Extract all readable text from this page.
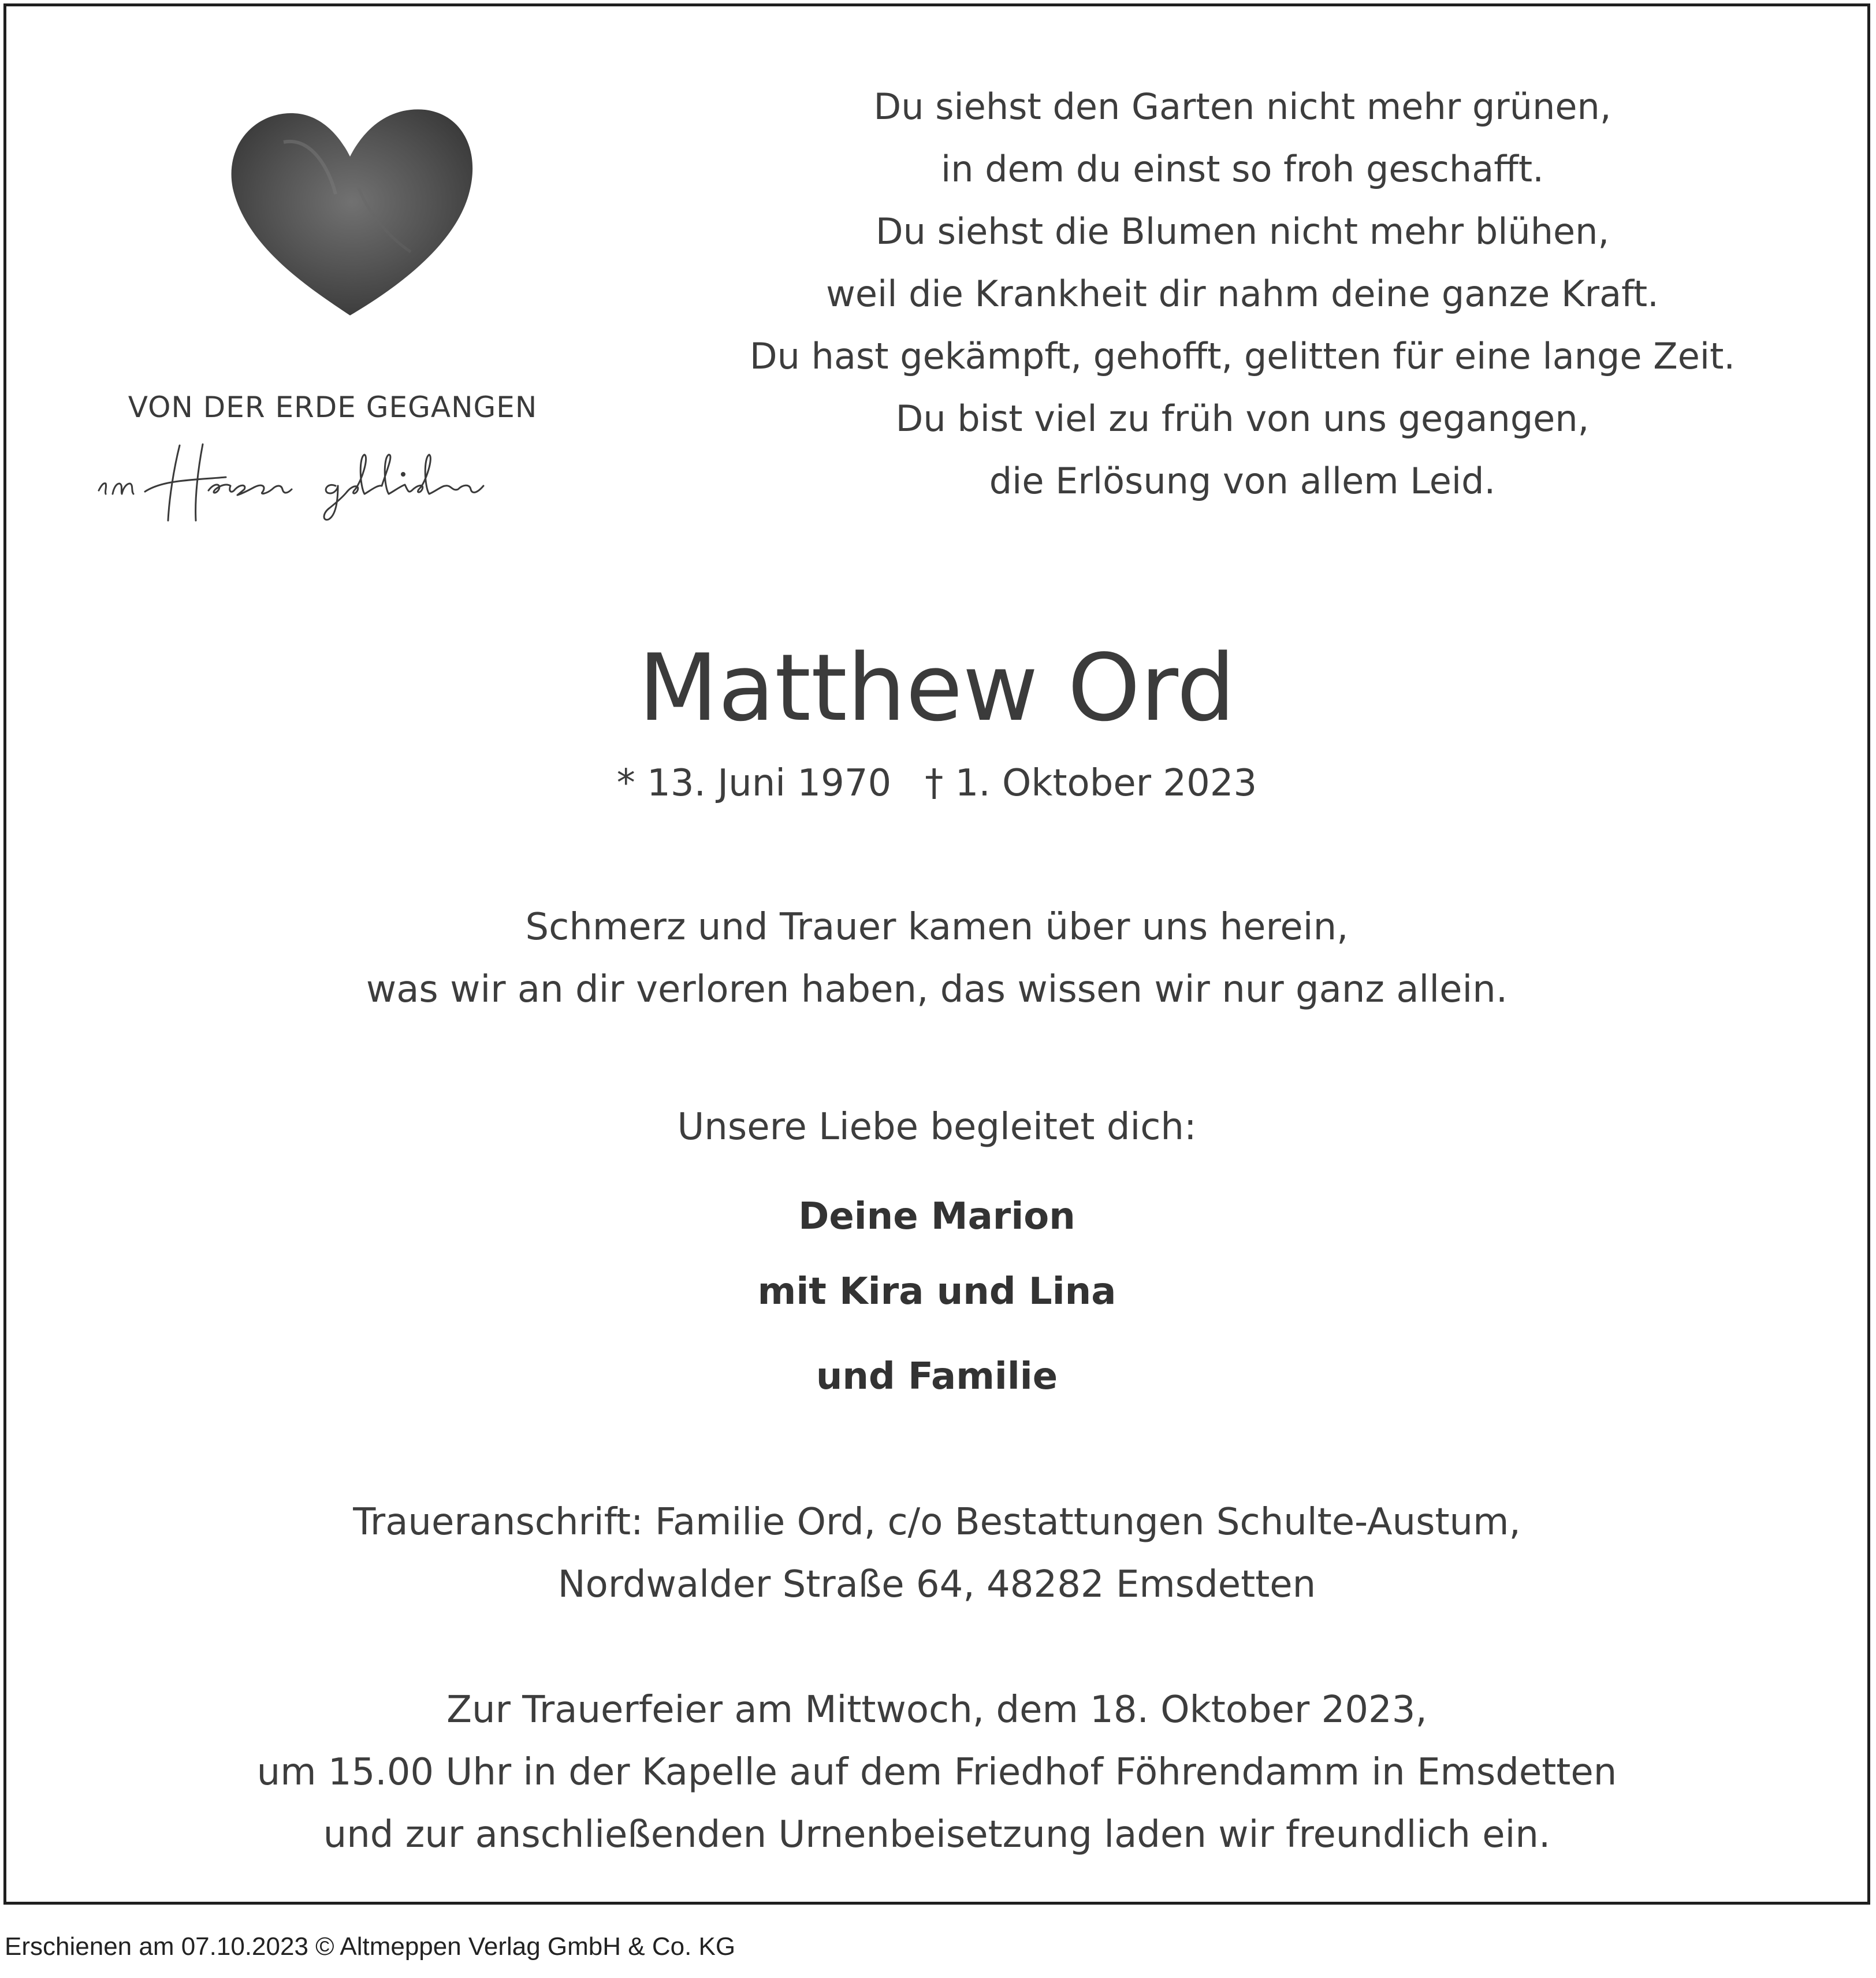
VON DER ERDE GEGANGEN
Du siehst den Garten nicht mehr grünen,
in dem du einst so froh geschafft.
Du siehst die Blumen nicht mehr blühen,
weil die Krankheit dir nahm deine ganze Kraft.
Du hast gekämpft, gehofft, gelitten für eine lange Zeit.
Du bist viel zu früh von uns gegangen,
die Erlösung von allem Leid.
Matthew Ord
* 13. Juni 1970 † 1. Oktober 2023
Schmerz und Trauer kamen über uns herein,
was wir an dir verloren haben, das wissen wir nur ganz allein.
Unsere Liebe begleitet dich:
Deine Marion
mit Kira und Lina
und Familie
Traueranschrift: Familie Ord, c/o Bestattungen Schulte-Austum,
Nordwalder Straße 64, 48282 Emsdetten
Zur Trauerfeier am Mittwoch, dem 18. Oktober 2023,
um 15.00 Uhr in der Kapelle auf dem Friedhof Föhrendamm in Emsdetten
und zur anschließenden Urnenbeisetzung laden wir freundlich ein.
Erschienen am 07.10.2023 © Altmeppen Verlag GmbH & Co. KG
